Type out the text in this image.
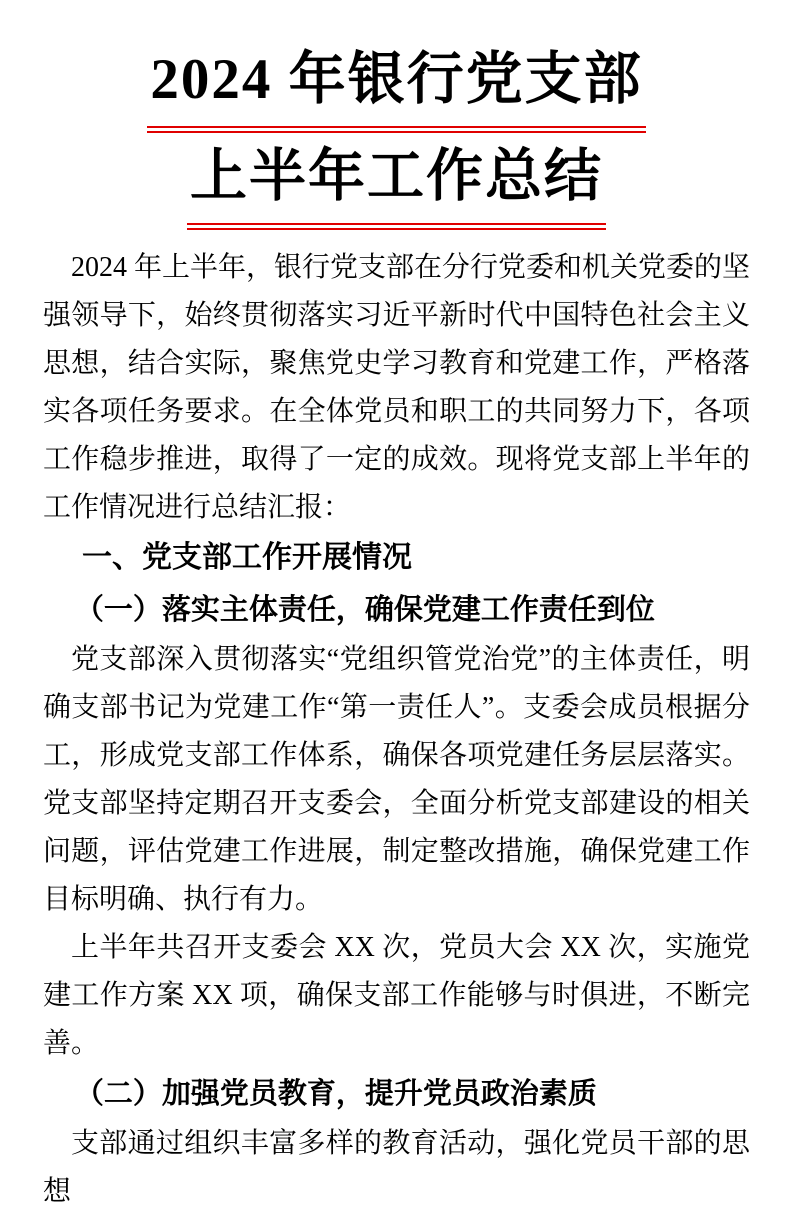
2024 年银行党支部
上半年工作总结

2024 年上半年，银行党支部在分行党委和机关党委的坚强领导下，始终贯彻落实习近平新时代中国特色社会主义思想，结合实际，聚焦党史学习教育和党建工作，严格落实各项任务要求。在全体党员和职工的共同努力下，各项工作稳步推进，取得了一定的成效。现将党支部上半年的工作情况进行总结汇报：

一、党支部工作开展情况
（一）落实主体责任，确保党建工作责任到位

党支部深入贯彻落实“党组织管党治党”的主体责任，明确支部书记为党建工作“第一责任人”。支委会成员根据分工，形成党支部工作体系，确保各项党建任务层层落实。党支部坚持定期召开支委会，全面分析党支部建设的相关问题，评估党建工作进展，制定整改措施，确保党建工作目标明确、执行有力。

上半年共召开支委会 XX 次，党员大会 XX 次，实施党建工作方案 XX 项，确保支部工作能够与时俱进，不断完善。

（二）加强党员教育，提升党员政治素质

支部通过组织丰富多样的教育活动，强化党员干部的思想
